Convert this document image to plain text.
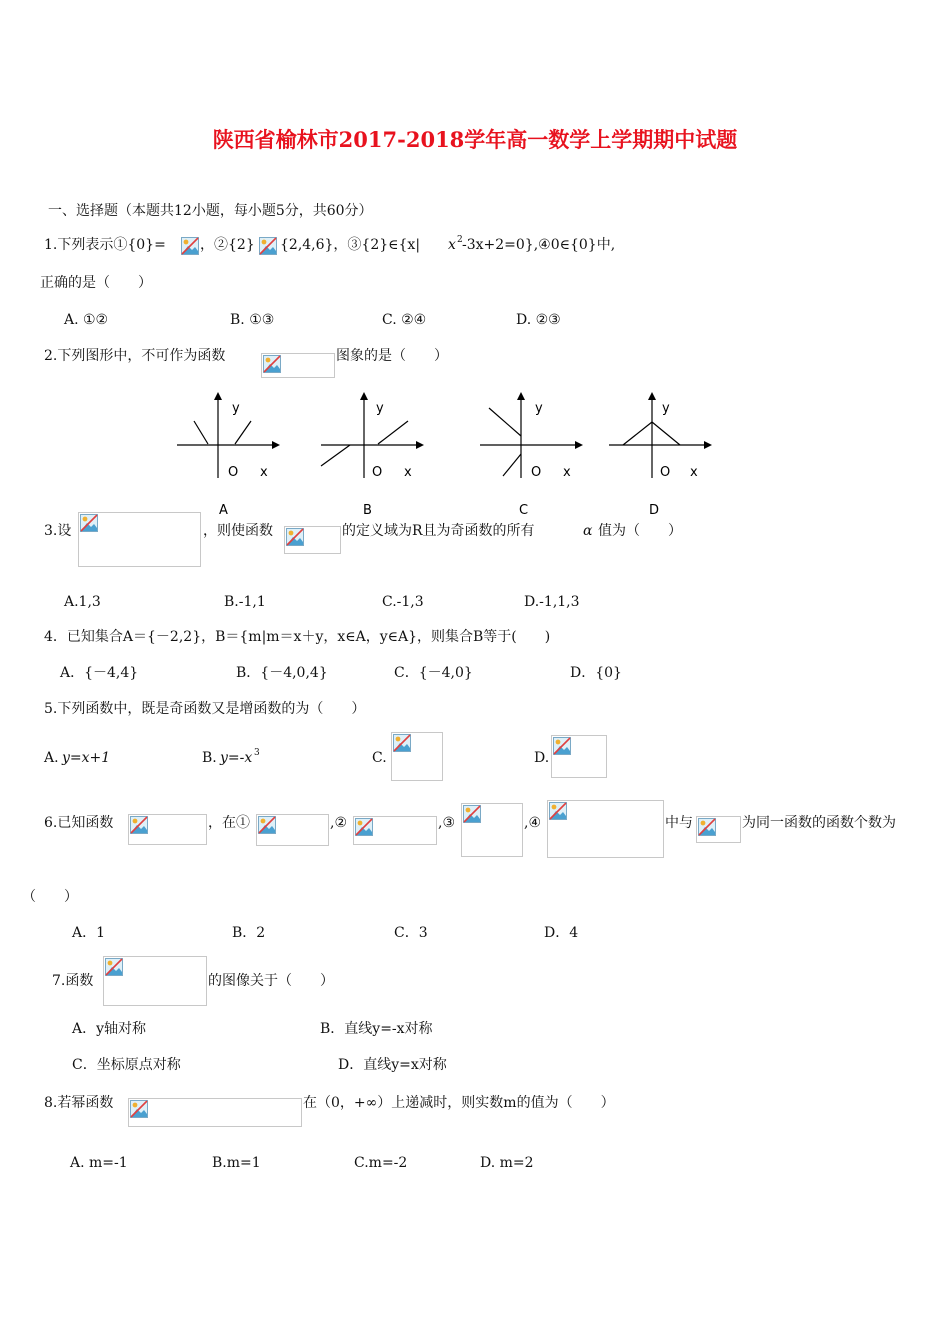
陕西省榆林市2017-2018学年高一数学上学期期中试题
一、选择题（本题共12小题，每小题5分，共60分）
1.下列表示①{0}= ，②{2} {2,4,6}，③{2}∈{x| x 2 -3x+2=0},④0∈{0}中,
正确的是（　　）
A. ①②	B. ①③	C. ②④	D. ②③
2.下列图形中，不可作为函数	图象的是（　　）
y
O x
A
y
O x
B
y
O x
C
y
O x
D
3.设	，则使函数	的定义域为R且为奇函数的所有	α 值为（　　）
A.1,3	B.-1,1	C.-1,3	D.-1,1,3
4．已知集合A＝{－2,2}，B＝{m|m＝x＋y，x∈A，y∈A}，则集合B等于(　　)
A．{－4,4}	B．{－4,0,4}	C．{－4,0}	D．{0}
5.下列函数中，既是奇函数又是增函数的为（　　）
A. y=x+1	B. y=-x 3	C.	D.
6.已知函数	，在①	,②	,③	,④	中与	为同一函数的函数个数为
（　　）
A．1	B．2	C．3	D．4
7.函数	的图像关于（　　）
A．y轴对称	B．直线y=-x对称
C．坐标原点对称	D．直线y=x对称
8.若幂函数	在（0，+∞）上递减时，则实数m的值为（　　）
A. m=-1	B.m=1	C.m=-2	D. m=2
